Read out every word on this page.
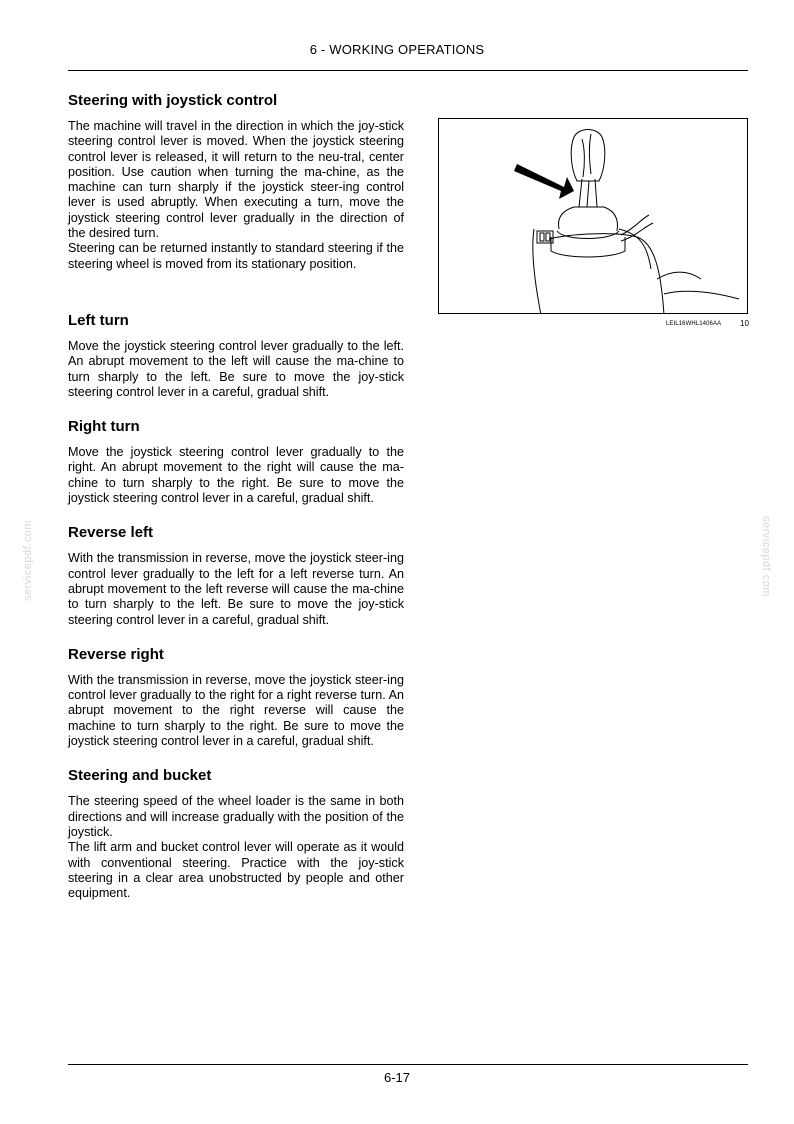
6 - WORKING OPERATIONS
Steering with joystick control

The machine will travel in the direction in which the joy-stick steering control lever is moved. When the joystick steering control lever is released, it will return to the neu-tral, center position. Use caution when turning the ma-chine, as the machine can turn sharply if the joystick steer-ing control lever is used abruptly. When executing a turn, move the joystick steering control lever gradually in the direction of the desired turn.

Steering can be returned instantly to standard steering if the steering wheel is moved from its stationary position.

Left turn

Move the joystick steering control lever gradually to the left. An abrupt movement to the left will cause the ma-chine to turn sharply to the left. Be sure to move the joy-stick steering control lever in a careful, gradual shift.

Right turn

Move the joystick steering control lever gradually to the right. An abrupt movement to the right will cause the ma-chine to turn sharply to the right. Be sure to move the joystick steering control lever in a careful, gradual shift.

Reverse left

With the transmission in reverse, move the joystick steer-ing control lever gradually to the left for a left reverse turn. An abrupt movement to the left reverse will cause the ma-chine to turn sharply to the left. Be sure to move the joy-stick steering control lever in a careful, gradual shift.

Reverse right

With the transmission in reverse, move the joystick steer-ing control lever gradually to the right for a right reverse turn. An abrupt movement to the right reverse will cause the machine to turn sharply to the right. Be sure to move the joystick steering control lever in a careful, gradual shift.

Steering and bucket

The steering speed of the wheel loader is the same in both directions and will increase gradually with the position of the joystick.

The lift arm and bucket control lever will operate as it would with conventional steering. Practice with the joy-stick steering in a clear area unobstructed by people and other equipment.

LEIL16WHL1406AA 10
servicepdf.com	servicepdf.com
6-17
